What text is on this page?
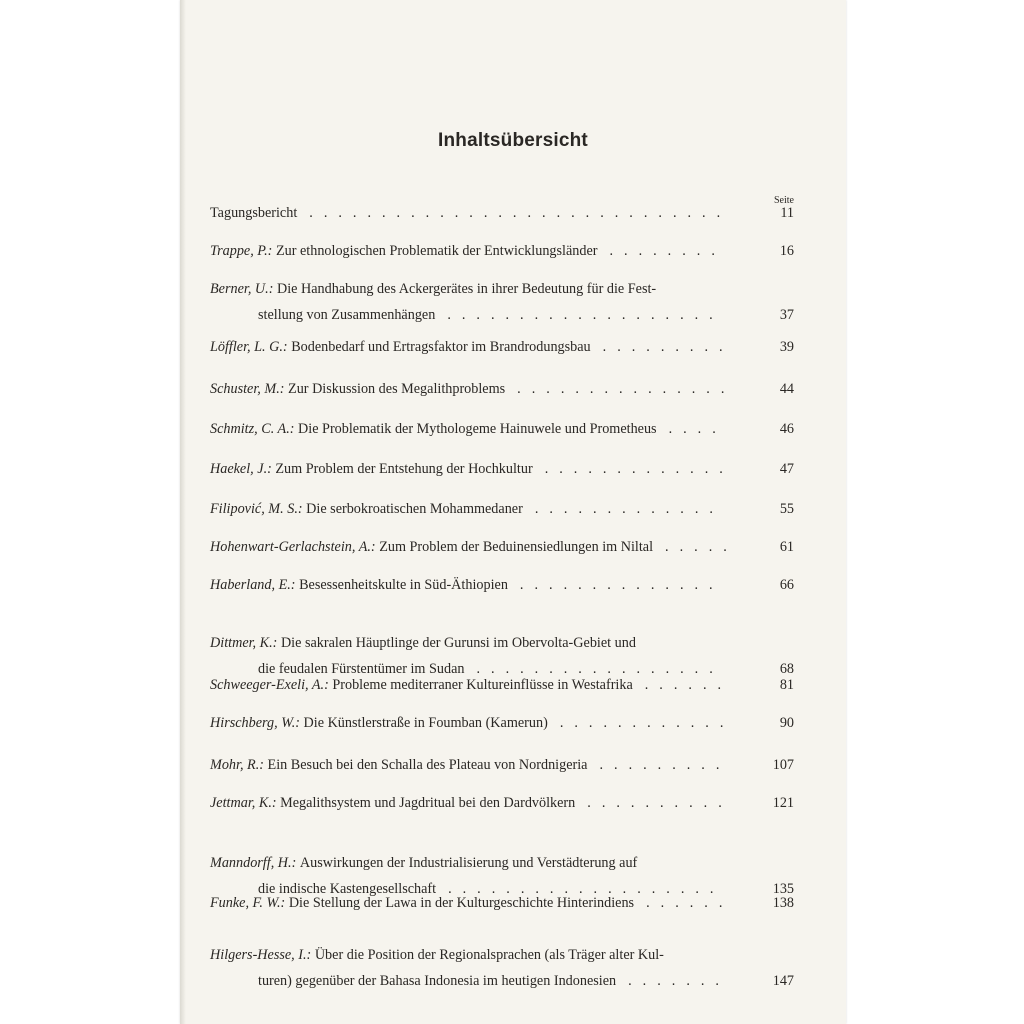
Inhaltsübersicht
Seite
Tagungsbericht .............................	11
Trappe, P.: Zur ethnologischen Problematik der Entwicklungsländer ........	16
Berner, U.: Die Handhabung des Ackergerätes in ihrer Bedeutung für die Fest-
stellung von Zusammenhängen ...................	37
Löffler, L. G.: Bodenbedarf und Ertragsfaktor im Brandrodungsbau .........	39
Schuster, M.: Zur Diskussion des Megalithproblems ...............	44
Schmitz, C. A.: Die Problematik der Mythologeme Hainuwele und Prometheus ....	46
Haekel, J.: Zum Problem der Entstehung der Hochkultur .............	47
Filipović, M. S.: Die serbokroatischen Mohammedaner .............	55
Hohenwart-Gerlachstein, A.: Zum Problem der Beduinensiedlungen im Niltal .....	61
Haberland, E.: Besessenheitskulte in Süd-Äthiopien ..............	66
Dittmer, K.: Die sakralen Häuptlinge der Gurunsi im Obervolta-Gebiet und
die feudalen Fürstentümer im Sudan .................	68
Schweeger-Exeli, A.: Probleme mediterraner Kultureinflüsse in Westafrika ......	81
Hirschberg, W.: Die Künstlerstraße in Foumban (Kamerun) ............	90
Mohr, R.: Ein Besuch bei den Schalla des Plateau von Nordnigeria .........	107
Jettmar, K.: Megalithsystem und Jagdritual bei den Dardvölkern ..........	121
Manndorff, H.: Auswirkungen der Industrialisierung und Verstädterung auf
die indische Kastengesellschaft ...................	135
Funke, F. W.: Die Stellung der Lawa in der Kulturgeschichte Hinterindiens ......	138
Hilgers-Hesse, I.: Über die Position der Regionalsprachen (als Träger alter Kul-
turen) gegenüber der Bahasa Indonesia im heutigen Indonesien .......	147
